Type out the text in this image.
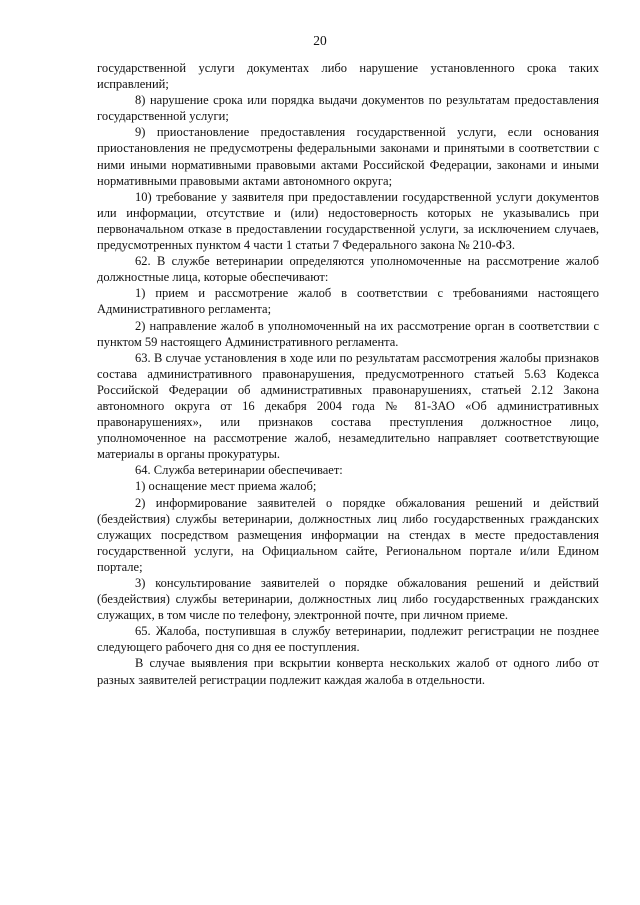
20

государственной услуги документах либо нарушение установленного срока таких исправлений;

8) нарушение срока или порядка выдачи документов по результатам предоставления государственной услуги;

9) приостановление предоставления государственной услуги, если основания приостановления не предусмотрены федеральными законами и принятыми в соответствии с ними иными нормативными правовыми актами Российской Федерации, законами и иными нормативными правовыми актами автономного округа;

10) требование у заявителя при предоставлении государственной услуги документов или информации, отсутствие и (или) недостоверность которых не указывались при первоначальном отказе в предоставлении государственной услуги, за исключением случаев, предусмотренных пунктом 4 части 1 статьи 7 Федерального закона № 210-ФЗ.

62. В службе ветеринарии определяются уполномоченные на рассмотрение жалоб должностные лица, которые обеспечивают:

1) прием и рассмотрение жалоб в соответствии с требованиями настоящего Административного регламента;

2) направление жалоб в уполномоченный на их рассмотрение орган в соответствии с пунктом 59 настоящего Административного регламента.

63. В случае установления в ходе или по результатам рассмотрения жалобы признаков состава административного правонарушения, предусмотренного статьей 5.63 Кодекса Российской Федерации об административных правонарушениях, статьей 2.12 Закона автономного округа от 16 декабря 2004 года № 81-ЗАО «Об административных правонарушениях», или признаков состава преступления должностное лицо, уполномоченное на рассмотрение жалоб, незамедлительно направляет соответствующие материалы в органы прокуратуры.

64. Служба ветеринарии обеспечивает:

1) оснащение мест приема жалоб;

2) информирование заявителей о порядке обжалования решений и действий (бездействия) службы ветеринарии, должностных лиц либо государственных гражданских служащих посредством размещения информации на стендах в месте предоставления государственной услуги, на Официальном сайте, Региональном портале и/или Едином портале;

3) консультирование заявителей о порядке обжалования решений и действий (бездействия) службы ветеринарии, должностных лиц либо государственных гражданских служащих, в том числе по телефону, электронной почте, при личном приеме.

65. Жалоба, поступившая в службу ветеринарии, подлежит регистрации не позднее следующего рабочего дня со дня ее поступления.

В случае выявления при вскрытии конверта нескольких жалоб от одного либо от разных заявителей регистрации подлежит каждая жалоба в отдельности.
